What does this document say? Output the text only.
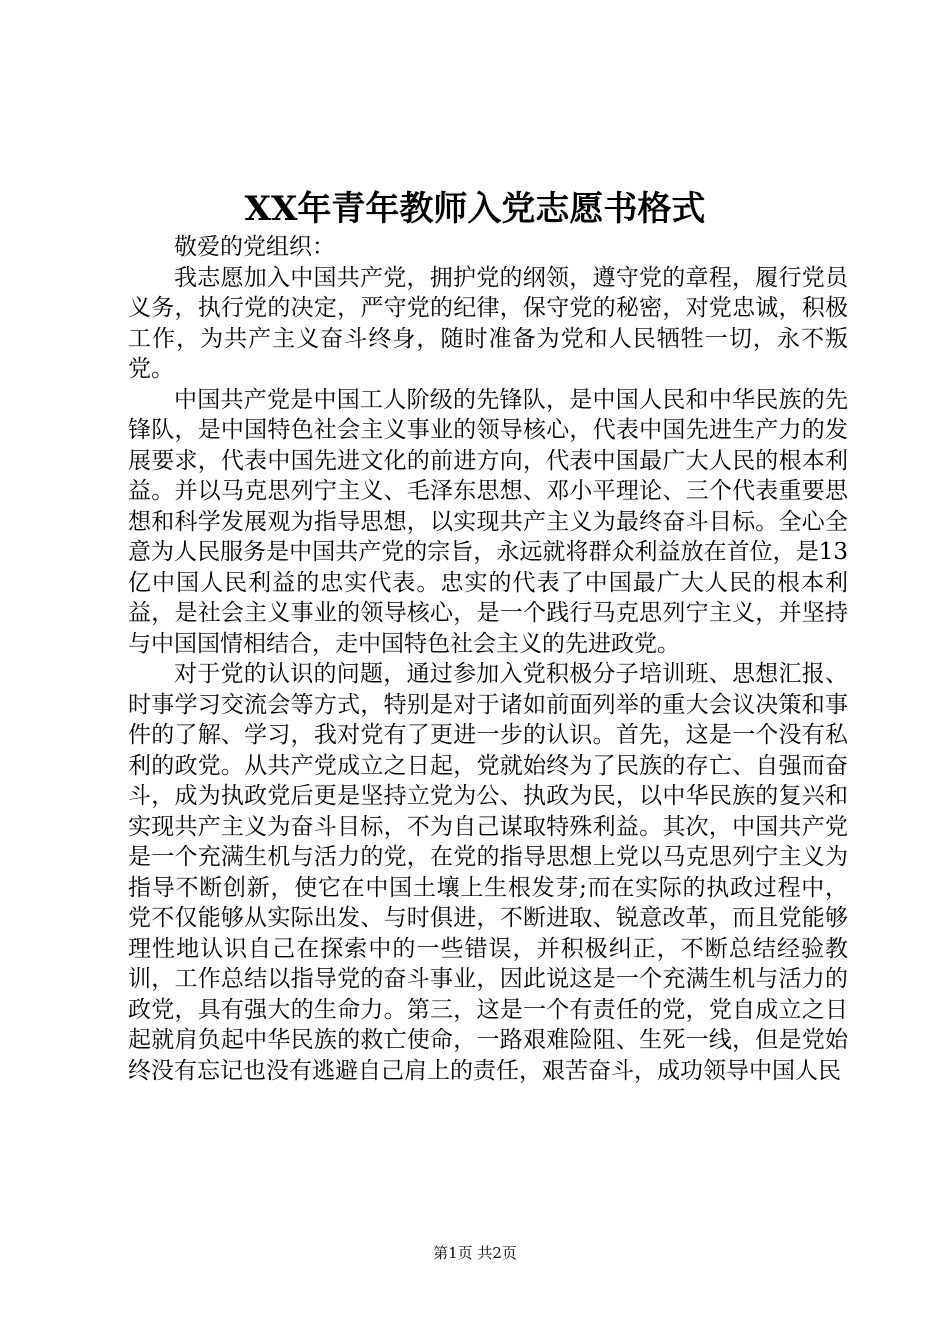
XX年青年教师入党志愿书格式

敬爱的党组织：

我志愿加入中国共产党，拥护党的纲领，遵守党的章程，履行党员义务，执行党的决定，严守党的纪律，保守党的秘密，对党忠诚，积极工作，为共产主义奋斗终身，随时准备为党和人民牺牲一切，永不叛党。

中国共产党是中国工人阶级的先锋队，是中国人民和中华民族的先锋队，是中国特色社会主义事业的领导核心，代表中国先进生产力的发展要求，代表中国先进文化的前进方向，代表中国最广大人民的根本利益。并以马克思列宁主义、毛泽东思想、邓小平理论、三个代表重要思想和科学发展观为指导思想，以实现共产主义为最终奋斗目标。全心全意为人民服务是中国共产党的宗旨，永远就将群众利益放在首位，是13亿中国人民利益的忠实代表。忠实的代表了中国最广大人民的根本利益，是社会主义事业的领导核心，是一个践行马克思列宁主义，并坚持与中国国情相结合，走中国特色社会主义的先进政党。

对于党的认识的问题，通过参加入党积极分子培训班、思想汇报、时事学习交流会等方式，特别是对于诸如前面列举的重大会议决策和事件的了解、学习，我对党有了更进一步的认识。首先，这是一个没有私利的政党。从共产党成立之日起，党就始终为了民族的存亡、自强而奋斗，成为执政党后更是坚持立党为公、执政为民，以中华民族的复兴和实现共产主义为奋斗目标，不为自己谋取特殊利益。其次，中国共产党是一个充满生机与活力的党，在党的指导思想上党以马克思列宁主义为指导不断创新，使它在中国土壤上生根发芽;而在实际的执政过程中，党不仅能够从实际出发、与时俱进，不断进取、锐意改革，而且党能够理性地认识自己在探索中的一些错误，并积极纠正，不断总结经验教训，工作总结以指导党的奋斗事业，因此说这是一个充满生机与活力的政党，具有强大的生命力。第三，这是一个有责任的党，党自成立之日起就肩负起中华民族的救亡使命，一路艰难险阻、生死一线，但是党始终没有忘记也没有逃避自己肩上的责任，艰苦奋斗，成功领导中国人民

第1页 共2页
